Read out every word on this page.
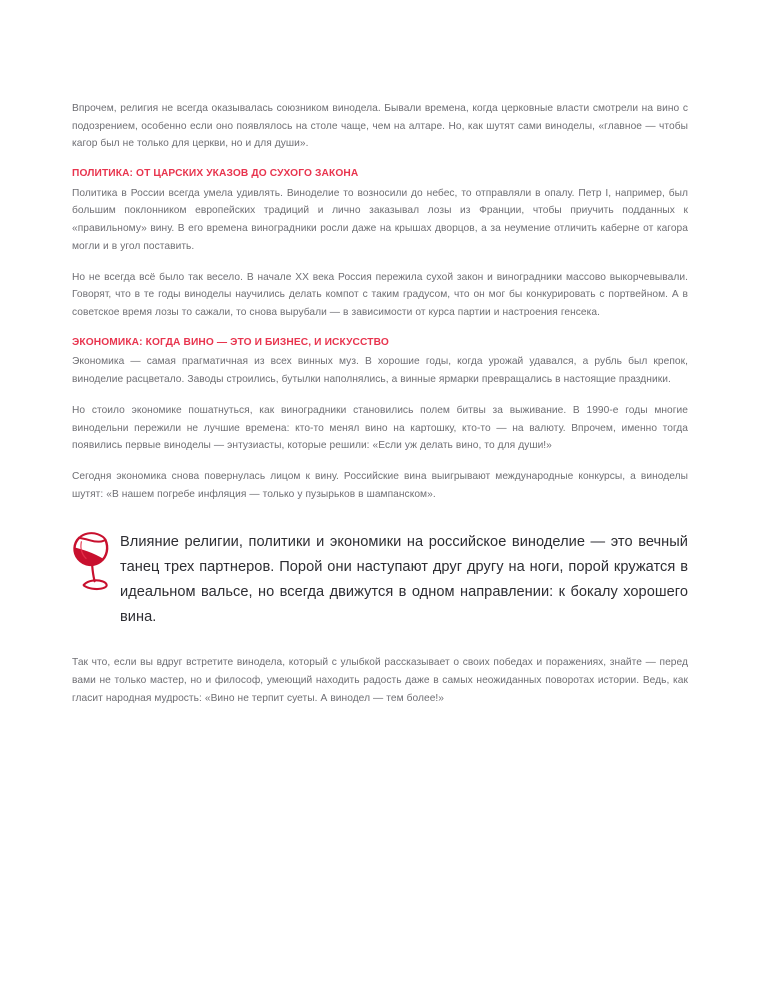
Впрочем, религия не всегда оказывалась союзником винодела. Бывали времена, когда церковные власти смотрели на вино с подозрением, особенно если оно появлялось на столе чаще, чем на алтаре. Но, как шутят сами виноделы, «главное — чтобы кагор был не только для церкви, но и для души».

ПОЛИТИКА: ОТ ЦАРСКИХ УКАЗОВ ДО СУХОГО ЗАКОНА

Политика в России всегда умела удивлять. Виноделие то возносили до небес, то отправляли в опалу. Петр I, например, был большим поклонником европейских традиций и лично заказывал лозы из Франции, чтобы приучить подданных к «правильному» вину. В его времена виноградники росли даже на крышах дворцов, а за неумение отличить каберне от кагора могли и в угол поставить.

Но не всегда всё было так весело. В начале XX века Россия пережила сухой закон и виноградники массово выкорчевывали. Говорят, что в те годы виноделы научились делать компот с таким градусом, что он мог бы конкурировать с портвейном. А в советское время лозы то сажали, то снова вырубали — в зависимости от курса партии и настроения генсека.

ЭКОНОМИКА: КОГДА ВИНО — ЭТО И БИЗНЕС, И ИСКУССТВО

Экономика — самая прагматичная из всех винных муз. В хорошие годы, когда урожай удавался, а рубль был крепок, виноделие расцветало. Заводы строились, бутылки наполнялись, а винные ярмарки превращались в настоящие праздники.

Но стоило экономике пошатнуться, как виноградники становились полем битвы за выживание. В 1990-е годы многие винодельни пережили не лучшие времена: кто-то менял вино на картошку, кто-то — на валюту. Впрочем, именно тогда появились первые виноделы — энтузиасты, которые решили: «Если уж делать вино, то для души!»

Сегодня экономика снова повернулась лицом к вину. Российские вина выигрывают международные конкурсы, а виноделы шутят: «В нашем погребе инфляция — только у пузырьков в шампанском».

Влияние религии, политики и экономики на российское виноделие — это вечный танец трех партнеров. Порой они наступают друг другу на ноги, порой кружатся в идеальном вальсе, но всегда движутся в одном направлении: к бокалу хорошего вина.

Так что, если вы вдруг встретите винодела, который с улыбкой рассказывает о своих победах и поражениях, знайте — перед вами не только мастер, но и философ, умеющий находить радость даже в самых неожиданных поворотах истории. Ведь, как гласит народная мудрость: «Вино не терпит суеты. А винодел — тем более!»
